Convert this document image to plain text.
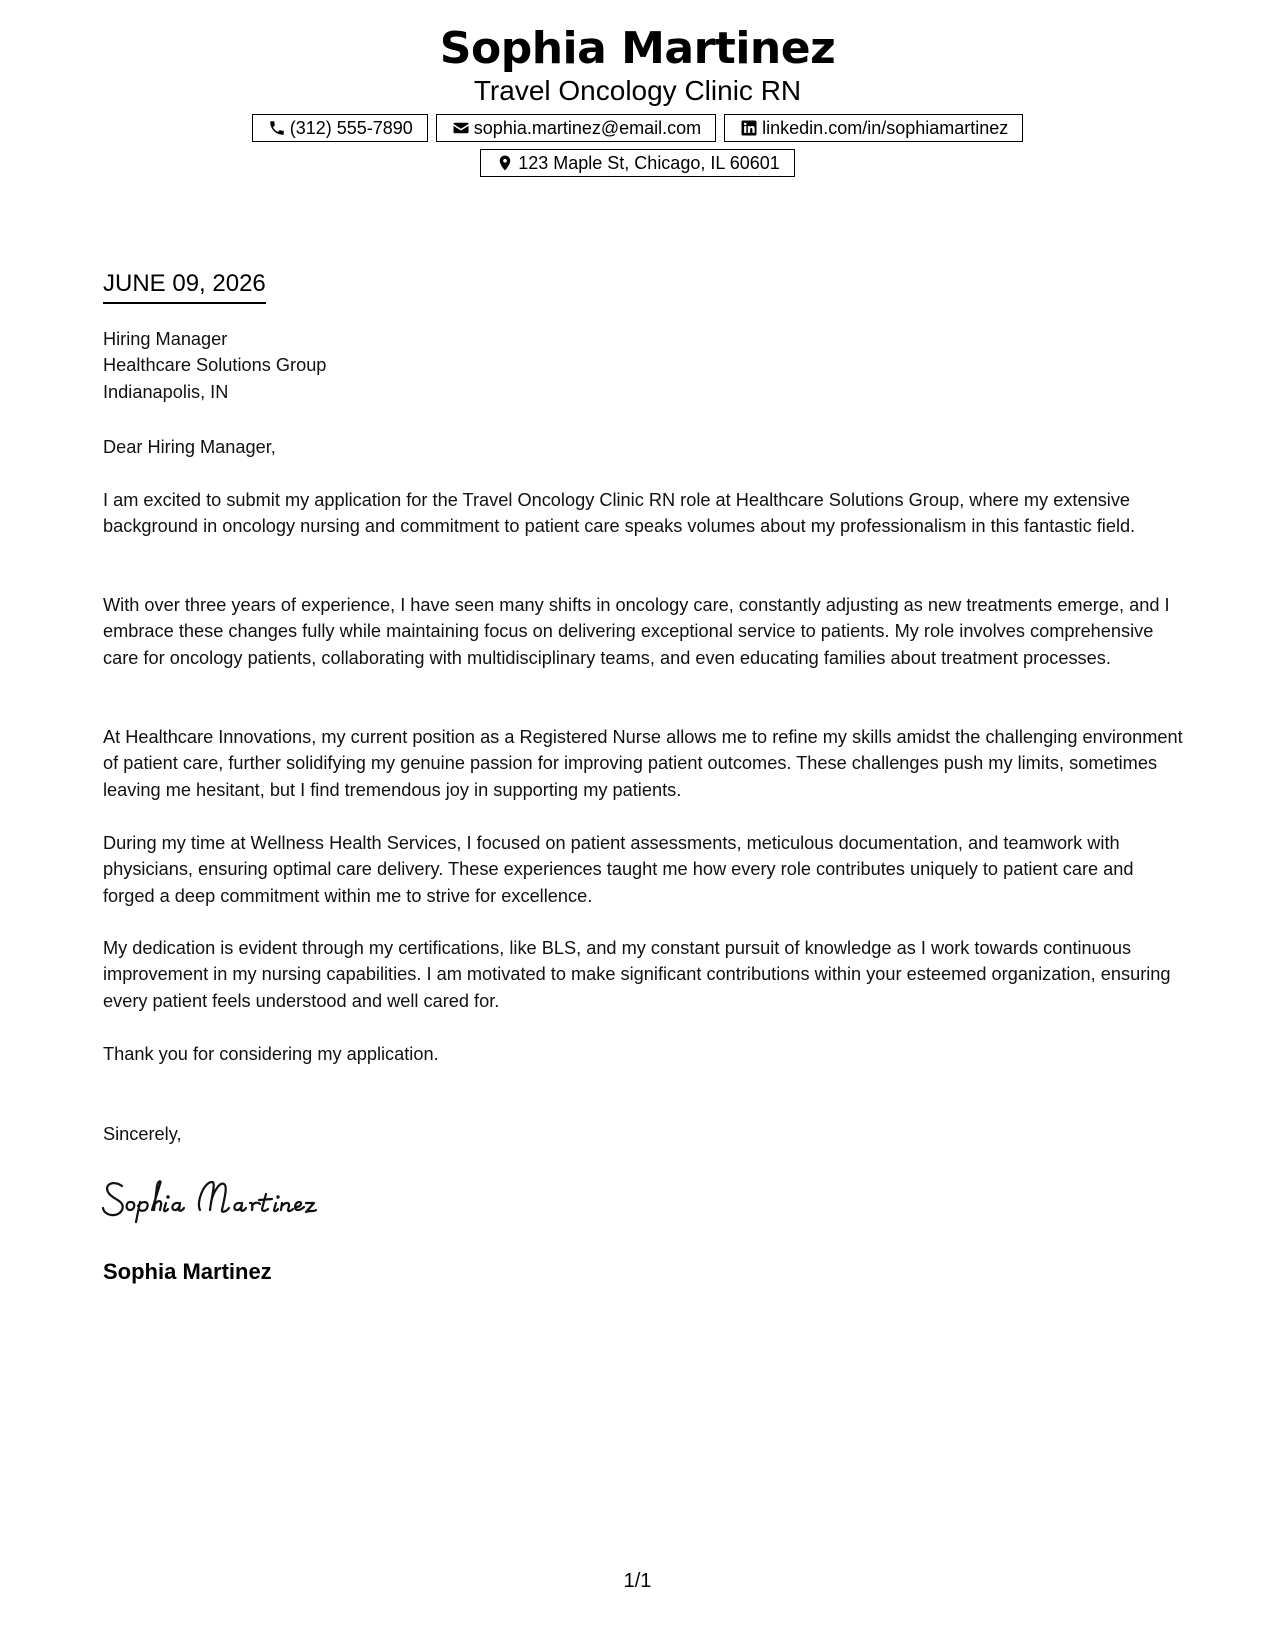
Sophia Martinez
Travel Oncology Clinic RN
(312) 555-7890	sophia.martinez@email.com	linkedin.com/in/sophiamartinez
123 Maple St, Chicago, IL 60601
JUNE 09, 2026
Hiring Manager
Healthcare Solutions Group
Indianapolis, IN
Dear Hiring Manager,
I am excited to submit my application for the Travel Oncology Clinic RN role at Healthcare Solutions Group, where my extensive background in oncology nursing and commitment to patient care speaks volumes about my professionalism in this fantastic field.
With over three years of experience, I have seen many shifts in oncology care, constantly adjusting as new treatments emerge, and I embrace these changes fully while maintaining focus on delivering exceptional service to patients. My role involves comprehensive care for oncology patients, collaborating with multidisciplinary teams, and even educating families about treatment processes.
At Healthcare Innovations, my current position as a Registered Nurse allows me to refine my skills amidst the challenging environment of patient care, further solidifying my genuine passion for improving patient outcomes. These challenges push my limits, sometimes leaving me hesitant, but I find tremendous joy in supporting my patients.
During my time at Wellness Health Services, I focused on patient assessments, meticulous documentation, and teamwork with physicians, ensuring optimal care delivery. These experiences taught me how every role contributes uniquely to patient care and forged a deep commitment within me to strive for excellence.
My dedication is evident through my certifications, like BLS, and my constant pursuit of knowledge as I work towards continuous improvement in my nursing capabilities. I am motivated to make significant contributions within your esteemed organization, ensuring every patient feels understood and well cared for.
Thank you for considering my application.
Sincerely,
Sophia Martinez
1/1
